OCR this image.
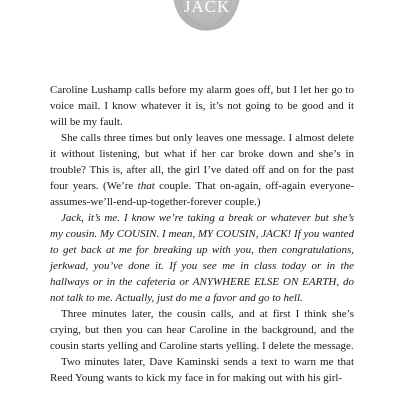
JACK

Caroline Lushamp calls before my alarm goes off, but I let her go to voice mail. I know whatever it is, it’s not going to be good and it will be my fault.

She calls three times but only leaves one message. I almost delete it without listening, but what if her car broke down and she’s in trouble? This is, after all, the girl I’ve dated off and on for the past four years. (We’re that couple. That on-again, off-again everyone-assumes-we’ll-end-up-together-forever couple.)

Jack, it’s me. I know we’re taking a break or whatever but she’s my cousin. My COUSIN. I mean, MY COUSIN, JACK! If you wanted to get back at me for breaking up with you, then congratulations, jerkwad, you’ve done it. If you see me in class today or in the hallways or in the cafeteria or ANYWHERE ELSE ON EARTH, do not talk to me. Actually, just do me a favor and go to hell.

Three minutes later, the cousin calls, and at first I think she’s crying, but then you can hear Caroline in the background, and the cousin starts yelling and Caroline starts yelling. I delete the message.

Two minutes later, Dave Kaminski sends a text to warn me that Reed Young wants to kick my face in for making out with his girl-
